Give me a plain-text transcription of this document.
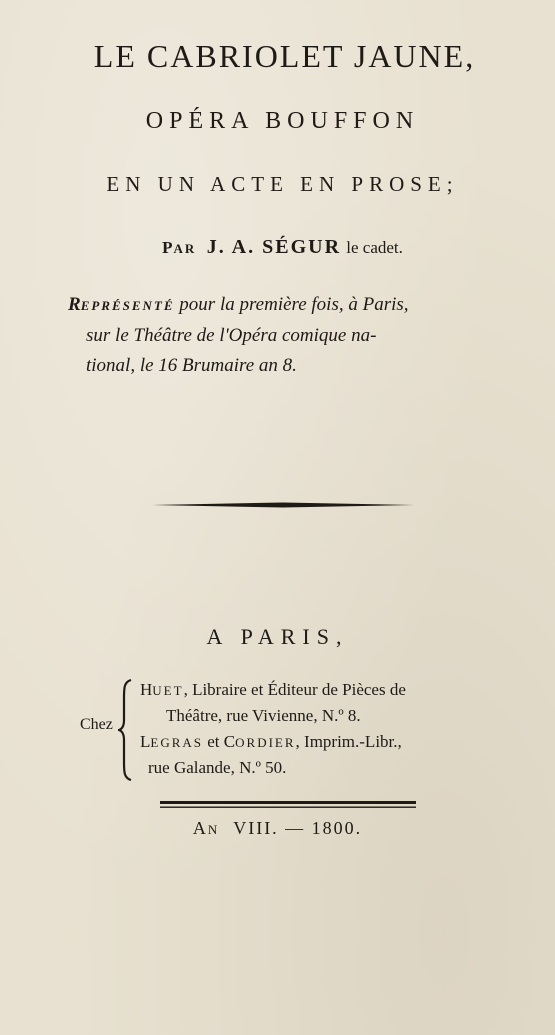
LE CABRIOLET JAUNE,
OPÉRA BOUFFON
EN UN ACTE EN PROSE;
PAR J. A. SÉGUR le cadet.
REPRÉSENTÉ pour la première fois, à Paris,
sur le Théâtre de l'Opéra comique na-
tional, le 16 Brumaire an 8.
A PARIS,
Chez
HUET, Libraire et Éditeur de Pièces de
Théâtre, rue Vivienne, N.º 8.
LEGRAS et CORDIER, Imprim.-Libr.,
rue Galande, N.º 50.
AN VIII. — 1800.
